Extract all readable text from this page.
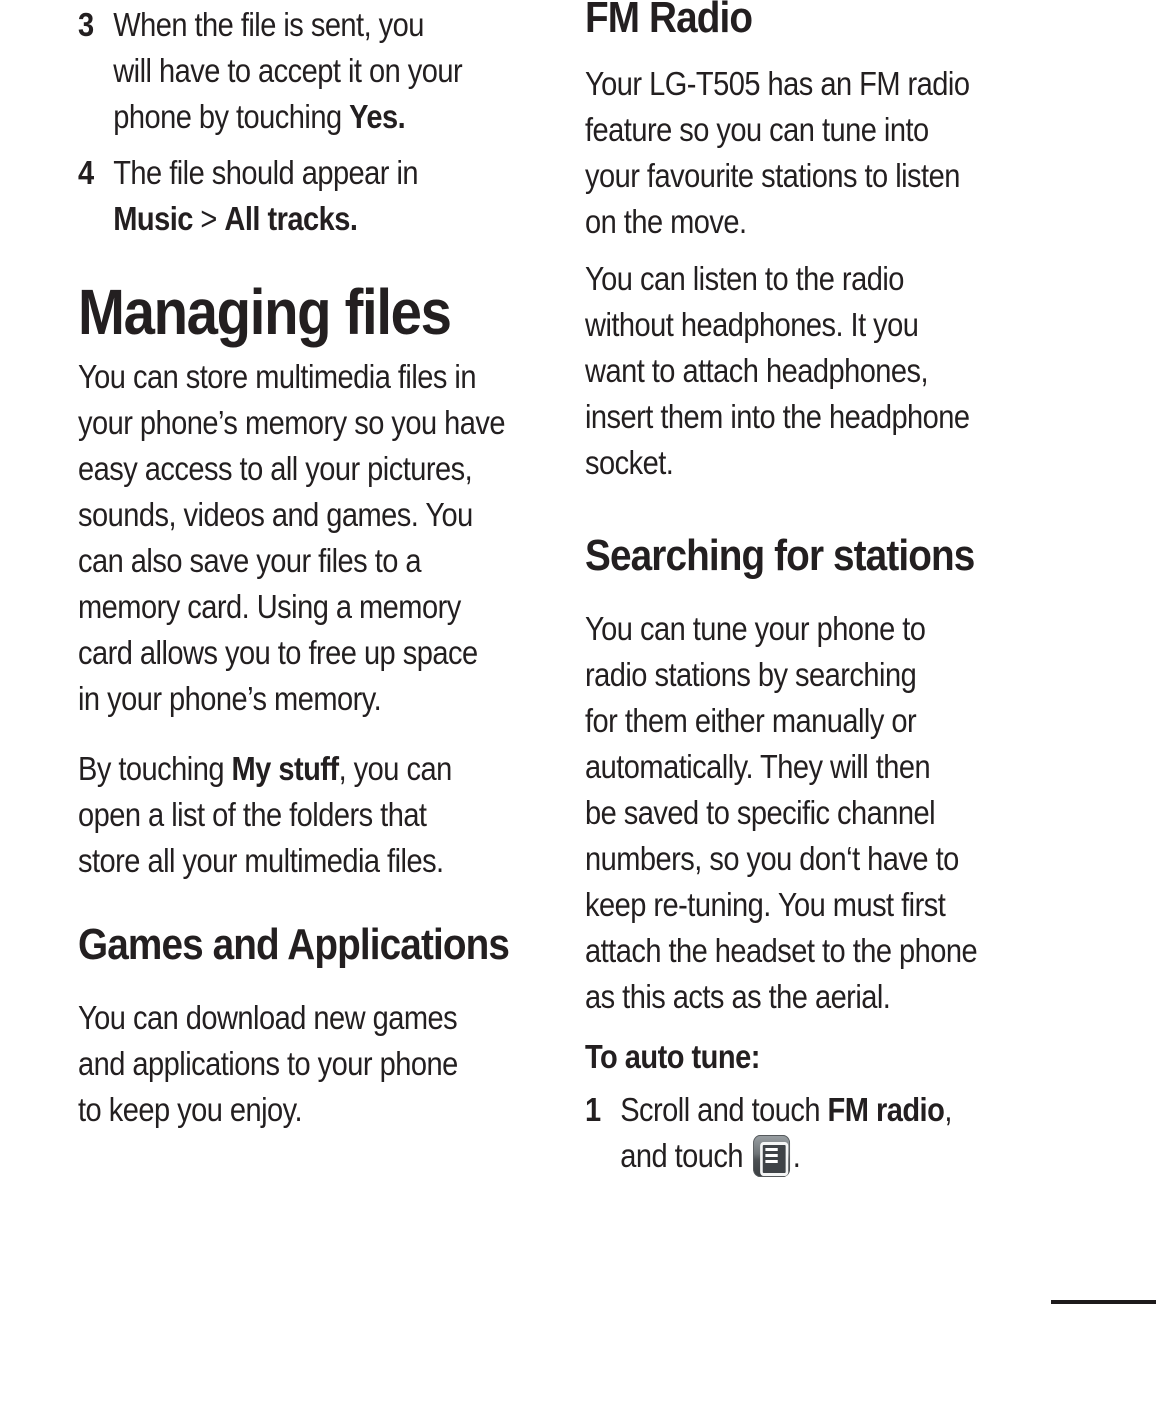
3 When the file is sent, you
will have to accept it on your
phone by touching Yes.
4 The file should appear in
Music > All tracks.
Managing files
You can store multimedia files in
your phone’s memory so you have
easy access to all your pictures,
sounds, videos and games. You
can also save your files to a
memory card. Using a memory
card allows you to free up space
in your phone’s memory.
By touching My stuff, you can
open a list of the folders that
store all your multimedia files.
Games and Applications
You can download new games
and applications to your phone
to keep you enjoy.
FM Radio
Your LG-T505 has an FM radio
feature so you can tune into
your favourite stations to listen
on the move.
You can listen to the radio
without headphones. It you
want to attach headphones,
insert them into the headphone
socket.
Searching for stations
You can tune your phone to
radio stations by searching
for them either manually or
automatically. They will then
be saved to specific channel
numbers, so you don‘t have to
keep re-tuning. You must first
attach the headset to the phone
as this acts as the aerial.
To auto tune:
1 Scroll and touch FM radio,
and touch .
